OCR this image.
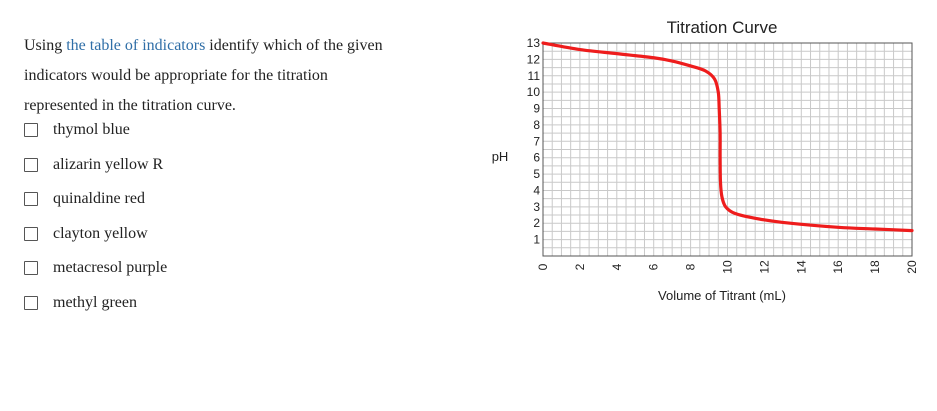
Using the table of indicators identify which of the given
indicators would be appropriate for the titration
represented in the titration curve.
thymol blue
alizarin yellow R
quinaldine red
clayton yellow
metacresol purple
methyl green
0 2 4 6 8 10 12 14 16 18 20
1
2
3
4
5
6
7
8
9
10
11
12
13
Titration Curve
Volume of Titrant (mL)
pH
